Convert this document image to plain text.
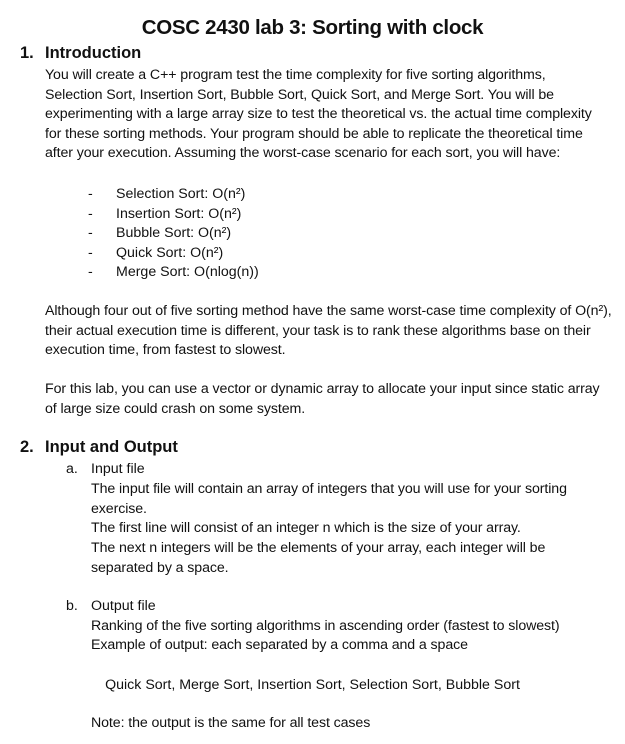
COSC 2430 lab 3: Sorting with clock
1. Introduction
You will create a C++ program test the time complexity for five sorting algorithms, Selection Sort, Insertion Sort, Bubble Sort, Quick Sort, and Merge Sort. You will be experimenting with a large array size to test the theoretical vs. the actual time complexity for these sorting methods. Your program should be able to replicate the theoretical time after your execution. Assuming the worst-case scenario for each sort, you will have:
- Selection Sort: O(n²)
- Insertion Sort: O(n²)
- Bubble Sort: O(n²)
- Quick Sort: O(n²)
- Merge Sort: O(nlog(n))
Although four out of five sorting method have the same worst-case time complexity of O(n²), their actual execution time is different, your task is to rank these algorithms base on their execution time, from fastest to slowest.
For this lab, you can use a vector or dynamic array to allocate your input since static array of large size could crash on some system.
2. Input and Output
a. Input file
The input file will contain an array of integers that you will use for your sorting exercise.
The first line will consist of an integer n which is the size of your array.
The next n integers will be the elements of your array, each integer will be separated by a space.
b. Output file
Ranking of the five sorting algorithms in ascending order (fastest to slowest)
Example of output: each separated by a comma and a space
Quick Sort, Merge Sort, Insertion Sort, Selection Sort, Bubble Sort
Note: the output is the same for all test cases
